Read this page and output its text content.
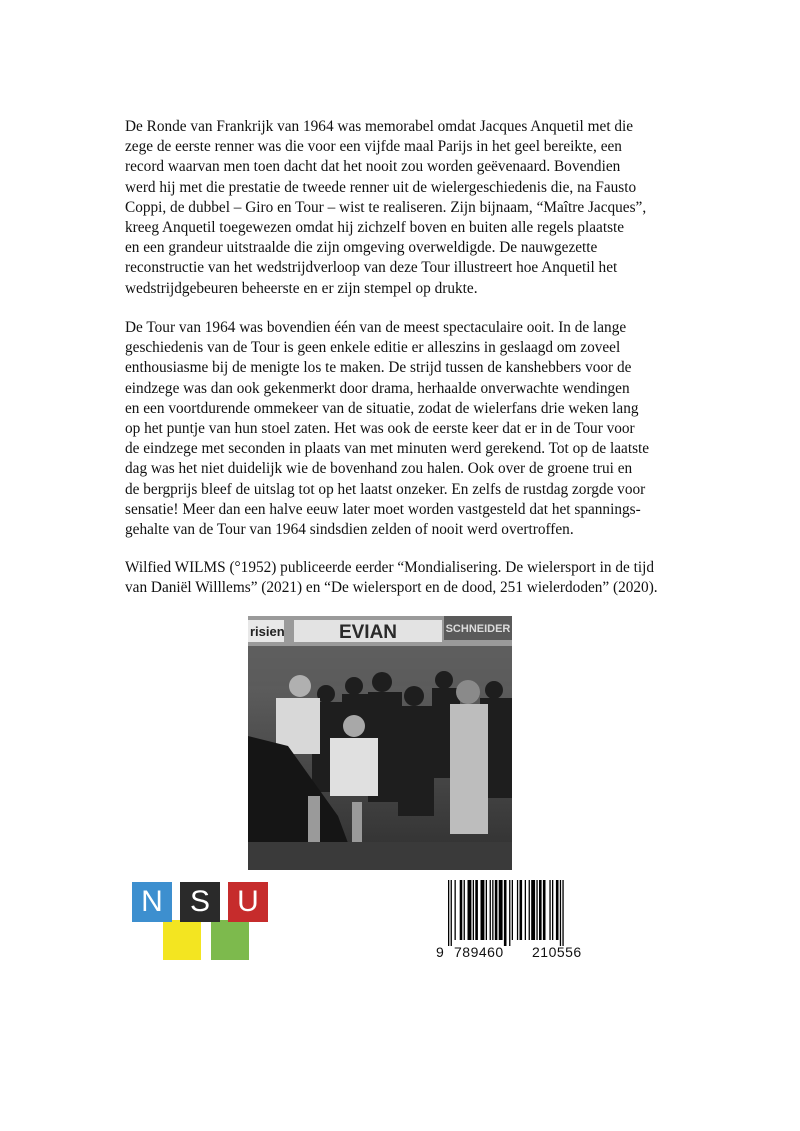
De Ronde van Frankrijk van 1964 was memorabel omdat Jacques Anquetil met die
zege de eerste renner was die voor een vijfde maal Parijs in het geel bereikte, een
record waarvan men toen dacht dat het nooit zou worden geëvenaard. Bovendien
werd hij met die prestatie de tweede renner uit de wielergeschiedenis die, na Fausto
Coppi, de dubbel – Giro en Tour – wist te realiseren. Zijn bijnaam, “Maître Jacques”,
kreeg Anquetil toegewezen omdat hij zichzelf boven en buiten alle regels plaatste
en een grandeur uitstraalde die zijn omgeving overweldigde. De nauwgezette
reconstructie van het wedstrijdverloop van deze Tour illustreert hoe Anquetil het
wedstrijdgebeuren beheerste en er zijn stempel op drukte.
De Tour van 1964 was bovendien één van de meest spectaculaire ooit. In de lange
geschiedenis van de Tour is geen enkele editie er alleszins in geslaagd om zoveel
enthousiasme bij de menigte los te maken. De strijd tussen de kanshebbers voor de
eindzege was dan ook gekenmerkt door drama, herhaalde onverwachte wendingen
en een voortdurende ommekeer van de situatie, zodat de wielerfans drie weken lang
op het puntje van hun stoel zaten. Het was ook de eerste keer dat er in de Tour voor
de eindzege met seconden in plaats van met minuten werd gerekend. Tot op de laatste
dag was het niet duidelijk wie de bovenhand zou halen. Ook over de groene trui en
de bergprijs bleef de uitslag tot op het laatst onzeker. En zelfs de rustdag zorgde voor
sensatie! Meer dan een halve eeuw later moet worden vastgesteld dat het spannings-
gehalte van de Tour van 1964 sindsdien zelden of nooit werd overtroffen.
Wilfied WILMS (°1952) publiceerde eerder “Mondialisering. De wielersport in de tijd
van Daniël Willlems” (2021) en “De wielersport en de dood, 251 wielerdoden” (2020).
risien	EVIAN	SCHNEIDER
N S U
9 789460 210556
